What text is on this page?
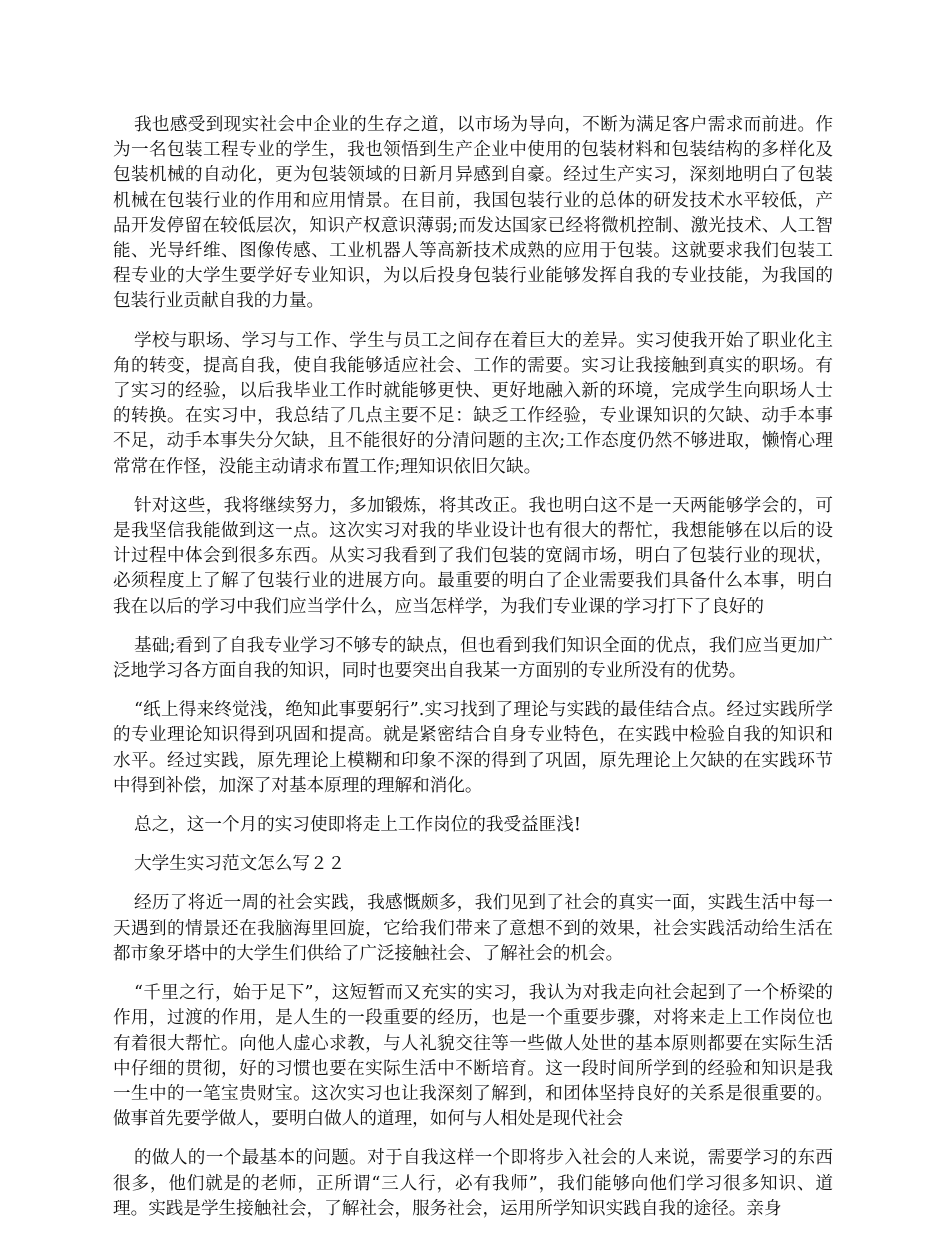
我也感受到现实社会中企业的生存之道，以市场为导向，不断为满足客户需求而前进。作为一名包装工程专业的学生，我也领悟到生产企业中使用的包装材料和包装结构的多样化及包装机械的自动化，更为包装领域的日新月异感到自豪。经过生产实习，深刻地明白了包装机械在包装行业的作用和应用情景。在目前，我国包装行业的总体的研发技术水平较低，产品开发停留在较低层次，知识产权意识薄弱;而发达国家已经将微机控制、激光技术、人工智能、光导纤维、图像传感、工业机器人等高新技术成熟的应用于包装。这就要求我们包装工程专业的大学生要学好专业知识，为以后投身包装行业能够发挥自我的专业技能，为我国的包装行业贡献自我的力量。

学校与职场、学习与工作、学生与员工之间存在着巨大的差异。实习使我开始了职业化主角的转变，提高自我，使自我能够适应社会、工作的需要。实习让我接触到真实的职场。有了实习的经验，以后我毕业工作时就能够更快、更好地融入新的环境，完成学生向职场人士的转换。在实习中，我总结了几点主要不足：缺乏工作经验，专业课知识的欠缺、动手本事不足，动手本事失分欠缺，且不能很好的分清问题的主次;工作态度仍然不够进取，懒惰心理常常在作怪，没能主动请求布置工作;理知识依旧欠缺。

针对这些，我将继续努力，多加锻炼，将其改正。我也明白这不是一天两能够学会的，可是我坚信我能做到这一点。这次实习对我的毕业设计也有很大的帮忙，我想能够在以后的设计过程中体会到很多东西。从实习我看到了我们包装的宽阔市场，明白了包装行业的现状，必须程度上了解了包装行业的进展方向。最重要的明白了企业需要我们具备什么本事，明白我在以后的学习中我们应当学什么，应当怎样学，为我们专业课的学习打下了良好的

基础;看到了自我专业学习不够专的缺点，但也看到我们知识全面的优点，我们应当更加广泛地学习各方面自我的知识，同时也要突出自我某一方面别的专业所没有的优势。

“纸上得来终觉浅，绝知此事要躬行”.实习找到了理论与实践的最佳结合点。经过实践所学的专业理论知识得到巩固和提高。就是紧密结合自身专业特色，在实践中检验自我的知识和水平。经过实践，原先理论上模糊和印象不深的得到了巩固，原先理论上欠缺的在实践环节中得到补偿，加深了对基本原理的理解和消化。

总之，这一个月的实习使即将走上工作岗位的我受益匪浅!

大学生实习范文怎么写２２

经历了将近一周的社会实践，我感慨颇多，我们见到了社会的真实一面，实践生活中每一天遇到的情景还在我脑海里回旋，它给我们带来了意想不到的效果，社会实践活动给生活在都市象牙塔中的大学生们供给了广泛接触社会、了解社会的机会。

“千里之行，始于足下”，这短暂而又充实的实习，我认为对我走向社会起到了一个桥梁的作用，过渡的作用，是人生的一段重要的经历，也是一个重要步骤，对将来走上工作岗位也有着很大帮忙。向他人虚心求教，与人礼貌交往等一些做人处世的基本原则都要在实际生活中仔细的贯彻，好的习惯也要在实际生活中不断培育。这一段时间所学到的经验和知识是我一生中的一笔宝贵财宝。这次实习也让我深刻了解到，和团体坚持良好的关系是很重要的。做事首先要学做人，要明白做人的道理，如何与人相处是现代社会

的做人的一个最基本的问题。对于自我这样一个即将步入社会的人来说，需要学习的东西很多，他们就是的老师，正所谓“三人行，必有我师”，我们能够向他们学习很多知识、道理。实践是学生接触社会，了解社会，服务社会，运用所学知识实践自我的途径。亲身
